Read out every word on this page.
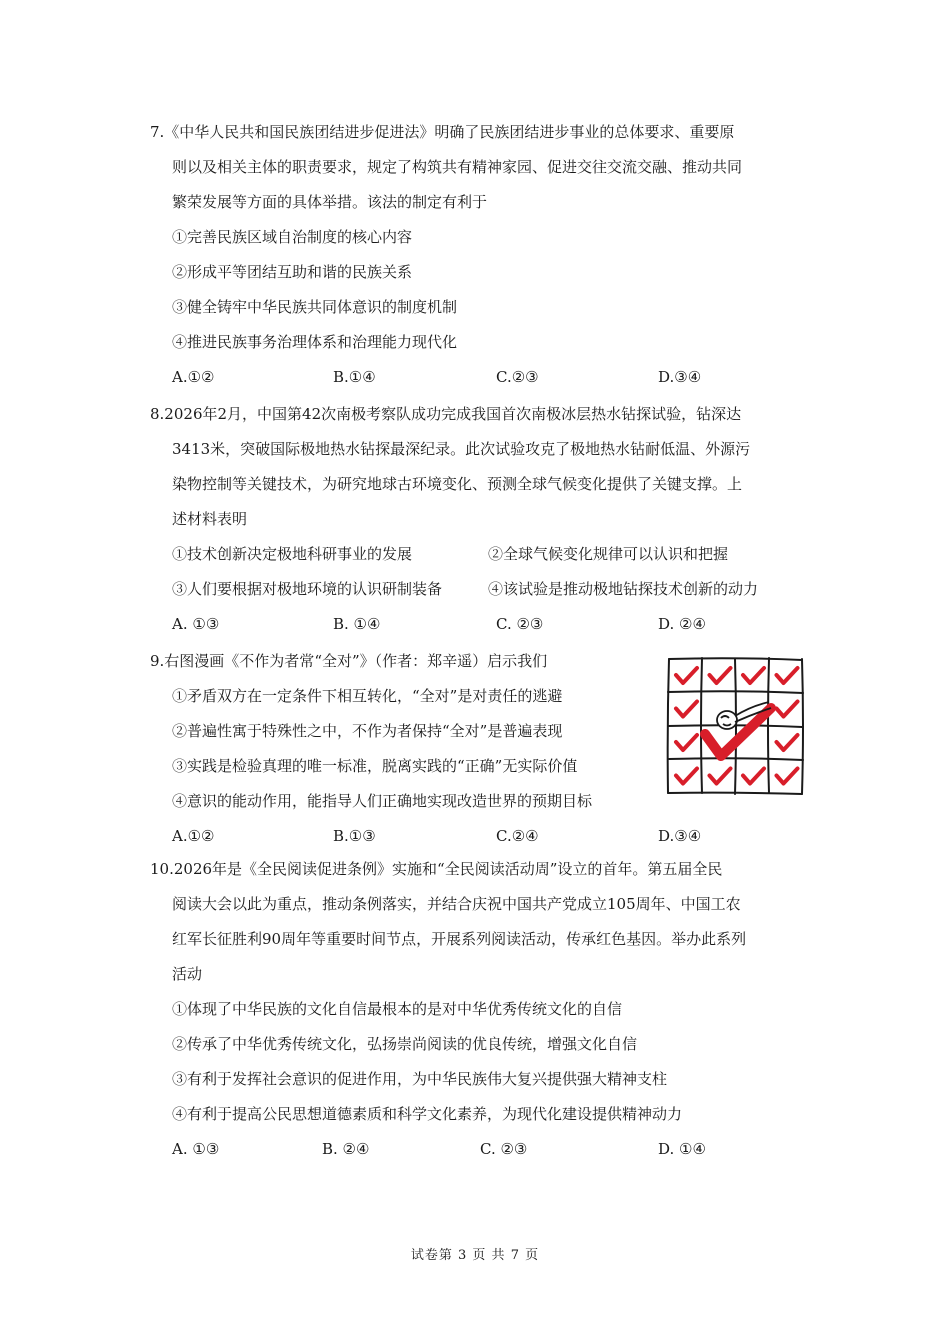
7.《中华人民共和国民族团结进步促进法》明确了民族团结进步事业的总体要求、重要原
则以及相关主体的职责要求，规定了构筑共有精神家园、促进交往交流交融、推动共同
繁荣发展等方面的具体举措。该法的制定有利于
①完善民族区域自治制度的核心内容
②形成平等团结互助和谐的民族关系
③健全铸牢中华民族共同体意识的制度机制
④推进民族事务治理体系和治理能力现代化
A.①②	B.①④	C.②③	D.③④
8.2026年2月，中国第42次南极考察队成功完成我国首次南极冰层热水钻探试验，钻深达
3413米，突破国际极地热水钻探最深纪录。此次试验攻克了极地热水钻耐低温、外源污
染物控制等关键技术，为研究地球古环境变化、预测全球气候变化提供了关键支撑。上
述材料表明
①技术创新决定极地科研事业的发展	②全球气候变化规律可以认识和把握
③人们要根据对极地环境的认识研制装备	④该试验是推动极地钻探技术创新的动力
A. ①③	B. ①④	C. ②③	D. ②④
9.右图漫画《不作为者常“全对”》（作者：郑辛遥）启示我们
①矛盾双方在一定条件下相互转化，“全对”是对责任的逃避
②普遍性寓于特殊性之中，不作为者保持“全对”是普遍表现
③实践是检验真理的唯一标准，脱离实践的“正确”无实际价值
④意识的能动作用，能指导人们正确地实现改造世界的预期目标
A.①②	B.①③	C.②④	D.③④
10.2026年是《全民阅读促进条例》实施和“全民阅读活动周”设立的首年。第五届全民
阅读大会以此为重点，推动条例落实，并结合庆祝中国共产党成立105周年、中国工农
红军长征胜利90周年等重要时间节点，开展系列阅读活动，传承红色基因。举办此系列
活动
①体现了中华民族的文化自信最根本的是对中华优秀传统文化的自信
②传承了中华优秀传统文化，弘扬崇尚阅读的优良传统，增强文化自信
③有利于发挥社会意识的促进作用，为中华民族伟大复兴提供强大精神支柱
④有利于提高公民思想道德素质和科学文化素养，为现代化建设提供精神动力
A. ①③	B. ②④	C. ②③	D. ①④
试卷第 3 页 共 7 页
